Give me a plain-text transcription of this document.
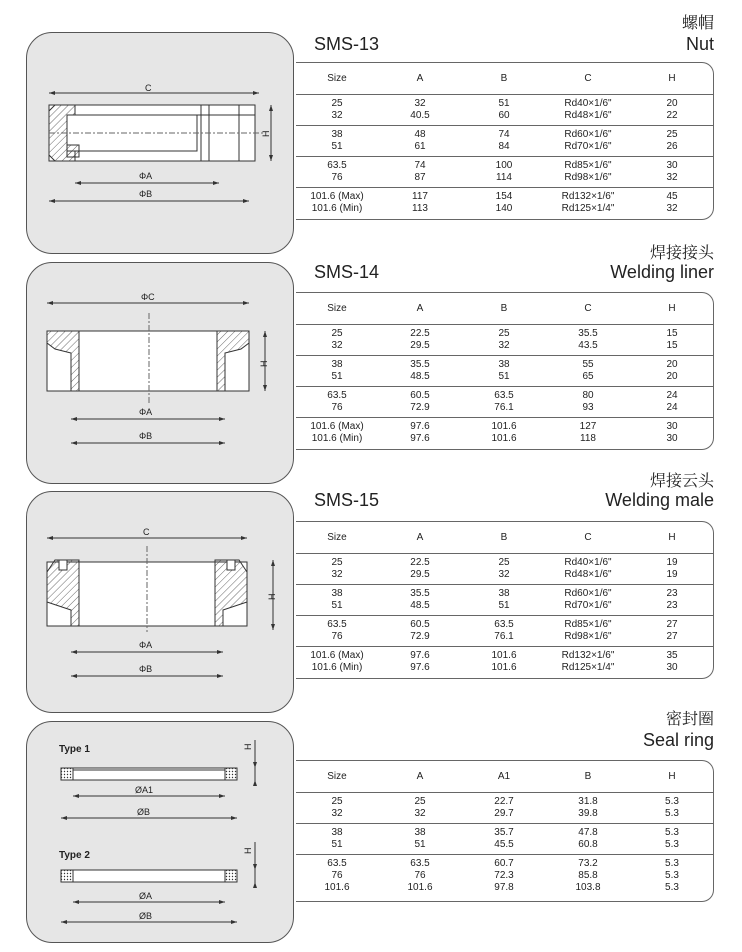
螺帽
SMS-13	Nut
C
H
ΦA
ΦB
Size	A	B	C	H
25	32	51	Rd40×1/6"	20
32	40.5	60	Rd48×1/6"	22
38	48	74	Rd60×1/6"	25
51	61	84	Rd70×1/6"	26
63.5	74	100	Rd85×1/6"	30
76	87	114	Rd98×1/6"	32
101.6 (Max)	117	154	Rd132×1/6"	45
101.6 (Min)	113	140	Rd125×1/4"	32
焊接接头
SMS-14	Welding liner
ΦC
H
ΦA
ΦB
Size	A	B	C	H
25	22.5	25	35.5	15
32	29.5	32	43.5	15
38	35.5	38	55	20
51	48.5	51	65	20
63.5	60.5	63.5	80	24
76	72.9	76.1	93	24
101.6 (Max)	97.6	101.6	127	30
101.6 (Min)	97.6	101.6	118	30
焊接云头
SMS-15	Welding male
C
H
ΦA
ΦB
Size	A	B	C	H
25	22.5	25	Rd40×1/6"	19
32	29.5	32	Rd48×1/6"	19
38	35.5	38	Rd60×1/6"	23
51	48.5	51	Rd70×1/6"	23
63.5	60.5	63.5	Rd85×1/6"	27
76	72.9	76.1	Rd98×1/6"	27
101.6 (Max)	97.6	101.6	Rd132×1/6"	35
101.6 (Min)	97.6	101.6	Rd125×1/4"	30
密封圈
Seal ring
Type 1	H
ØA1
ØB
Type 2	H
ØA
ØB
Size	A	A1	B	H
25	25	22.7	31.8	5.3
32	32	29.7	39.8	5.3
38	38	35.7	47.8	5.3
51	51	45.5	60.8	5.3
63.5	63.5	60.7	73.2	5.3
76	76	72.3	85.8	5.3
101.6	101.6	97.8	103.8	5.3
